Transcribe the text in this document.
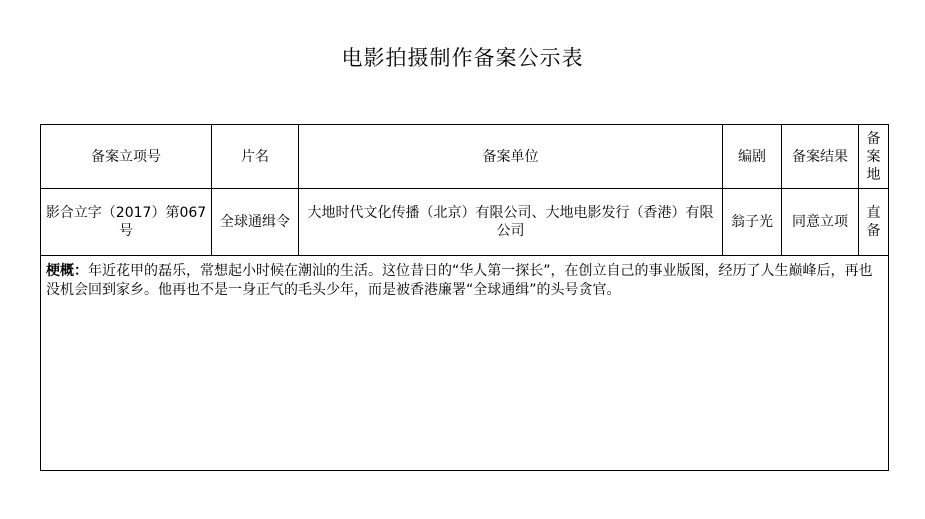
电影拍摄制作备案公示表
备案立项号	片名	备案单位	编剧	备案结果	备案地
影合立字（2017）第067号	全球通缉令	大地时代文化传播（北京）有限公司、大地电影发行（香港）有限公司	翁子光	同意立项	直备
梗概：年近花甲的磊乐，常想起小时候在潮汕的生活。这位昔日的“华人第一探长”，在创立自己的事业版图，经历了人生巅峰后，再也没机会回到家乡。他再也不是一身正气的毛头少年，而是被香港廉署“全球通缉”的头号贪官。					
